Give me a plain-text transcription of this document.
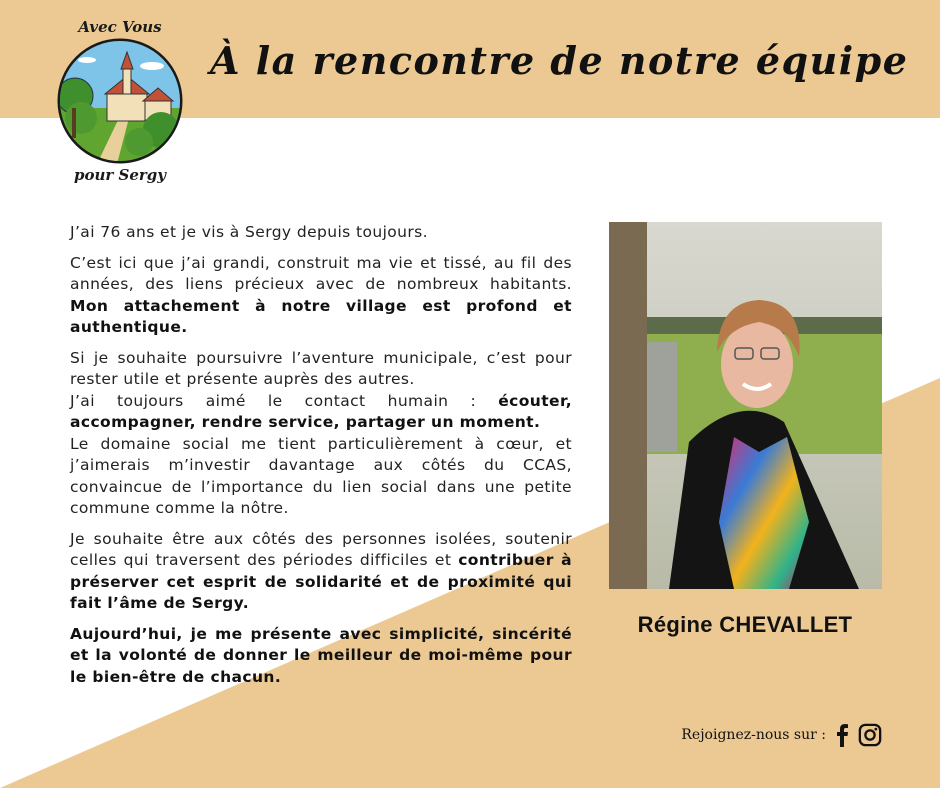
Avec Vous
pour Sergy
À la rencontre de notre équipe

J’ai 76 ans et je vis à Sergy depuis toujours.

C’est ici que j’ai grandi, construit ma vie et tissé, au fil des années, des liens précieux avec de nombreux habitants. Mon attachement à notre village est profond et authentique.

Si je souhaite poursuivre l’aventure municipale, c’est pour rester utile et présente auprès des autres.
J’ai toujours aimé le contact humain : écouter, accompagner, rendre service, partager un moment.
Le domaine social me tient particulièrement à cœur, et j’aimerais m’investir davantage aux côtés du CCAS, convaincue de l’importance du lien social dans une petite commune comme la nôtre.

Je souhaite être aux côtés des personnes isolées, soutenir celles qui traversent des périodes difficiles et contribuer à préserver cet esprit de solidarité et de proximité qui fait l’âme de Sergy.

Aujourd’hui, je me présente avec simplicité, sincérité et la volonté de donner le meilleur de moi-même pour le bien-être de chacun.

Régine CHEVALLET
Rejoignez-nous sur :
